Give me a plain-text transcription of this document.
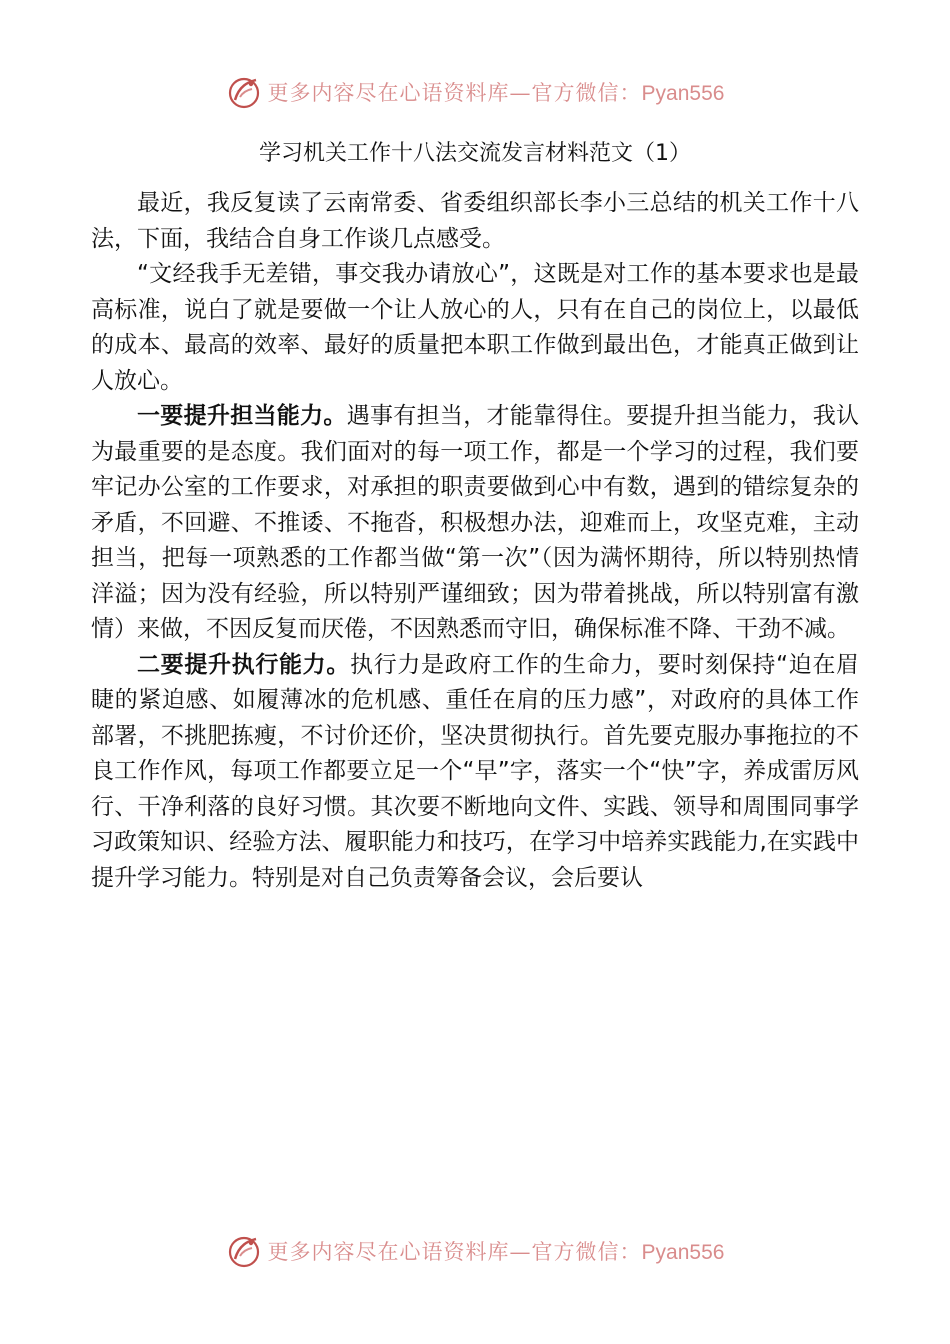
更多内容尽在心语资料库—官方微信：Pyan556
学习机关工作十八法交流发言材料范文（1）

最近，我反复读了云南常委、省委组织部长李小三总结的机关工作十八法，下面，我结合自身工作谈几点感受。

“文经我手无差错，事交我办请放心”，这既是对工作的基本要求也是最高标准，说白了就是要做一个让人放心的人，只有在自己的岗位上，以最低的成本、最高的效率、最好的质量把本职工作做到最出色，才能真正做到让人放心。

一要提升担当能力。遇事有担当，才能靠得住。要提升担当能力，我认为最重要的是态度。我们面对的每一项工作，都是一个学习的过程，我们要牢记办公室的工作要求，对承担的职责要做到心中有数，遇到的错综复杂的矛盾，不回避、不推诿、不拖沓，积极想办法，迎难而上，攻坚克难，主动担当，把每一项熟悉的工作都当做“第一次”（因为满怀期待，所以特别热情洋溢；因为没有经验，所以特别严谨细致；因为带着挑战，所以特别富有激情）来做，不因反复而厌倦，不因熟悉而守旧，确保标准不降、干劲不减。

二要提升执行能力。执行力是政府工作的生命力，要时刻保持“迫在眉睫的紧迫感、如履薄冰的危机感、重任在肩的压力感”，对政府的具体工作部署，不挑肥拣瘦，不讨价还价，坚决贯彻执行。首先要克服办事拖拉的不良工作作风，每项工作都要立足一个“早”字，落实一个“快”字，养成雷厉风行、干净利落的良好习惯。其次要不断地向文件、实践、领导和周围同事学习政策知识、经验方法、履职能力和技巧，在学习中培养实践能力,在实践中提升学习能力。特别是对自己负责筹备会议，会后要认

更多内容尽在心语资料库—官方微信：Pyan556
